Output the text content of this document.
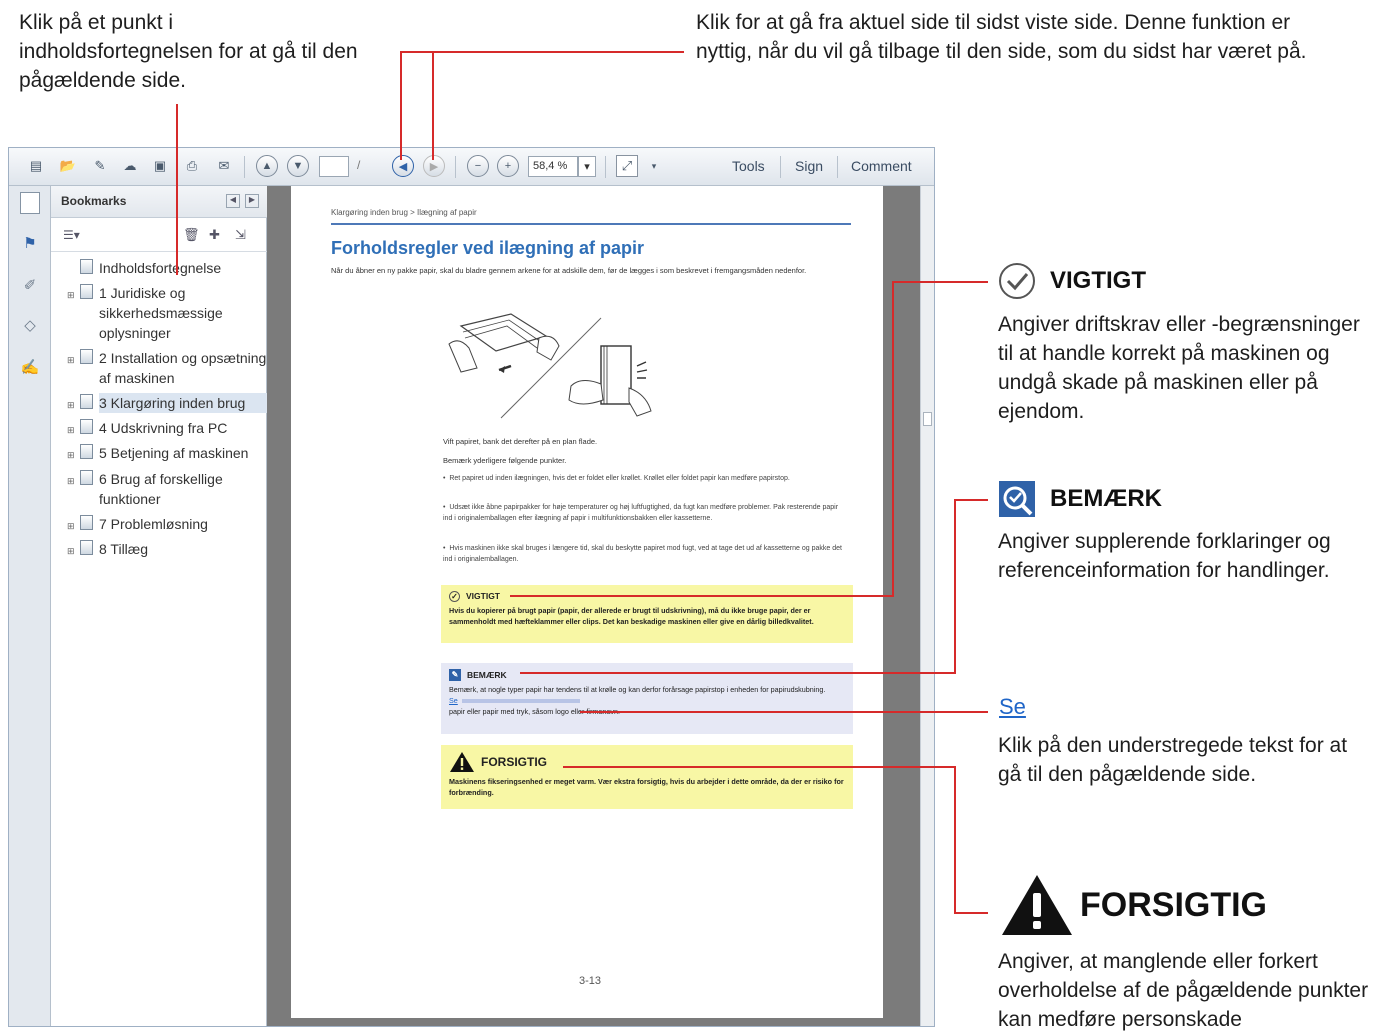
Klik på et punkt i indholdsfortegnelsen for at gå til den pågældende side.
Klik for at gå fra aktuel side til sidst viste side. Denne funktion er nyttig, når du vil gå tilbage til den side, som du sidst har været på.
▤	📂	✎	☁	▣	⎙	✉	▲	▼	/	◀	▶	−	+	58,4 %	▾	⤢	▾	Tools Sign Comment
⚑
✐
◇
✍
Bookmarks	◀	▶
☰▾	🗑 ✚ ⇲
Indholdsfortegnelse
⊞ 1 Juridiske og sikkerhedsmæssige oplysninger
⊞ 2 Installation og opsætning af maskinen
⊞ 3 Klargøring inden brug
⊞ 4 Udskrivning fra PC
⊞ 5 Betjening af maskinen
⊞ 6 Brug af forskellige funktioner
⊞ 7 Problemløsning
⊞ 8 Tillæg
Klargøring inden brug > Ilægning af papir
Forholdsregler ved ilægning af papir
Når du åbner en ny pakke papir, skal du bladre gennem arkene for at adskille dem, før de lægges i som beskrevet i fremgangsmåden nedenfor.
Vift papiret, bank det derefter på en plan flade.
Bemærk yderligere følgende punkter.
•  Ret papiret ud inden ilægningen, hvis det er foldet eller krøllet. Krøllet eller foldet papir kan medføre papirstop.
•  Udsæt ikke åbne papirpakker for høje temperaturer og høj luftfugtighed, da fugt kan medføre problemer. Pak resterende papir ind i originalemballagen efter ilægning af papir i multifunktionsbakken eller kassetterne.
•  Hvis maskinen ikke skal bruges i længere tid, skal du beskytte papiret mod fugt, ved at tage det ud af kassetterne og pakke det ind i originalemballagen.
✓ VIGTIGT
Hvis du kopierer på brugt papir (papir, der allerede er brugt til udskrivning), må du ikke bruge papir, der er sammenholdt med hæfteklammer eller clips. Det kan beskadige maskinen eller give en dårlig billedkvalitet.
✎	BEMÆRK
Bemærk, at nogle typer papir har tendens til at krølle og kan derfor forårsage papirstop i enheden for papirudskubning.
Se
papir eller papir med tryk, såsom logo eller firmanavn.
FORSIGTIG
Maskinens fikseringsenhed er meget varm. Vær ekstra forsigtig, hvis du arbejder i dette område, da der er risiko for forbrænding.
3-13
VIGTIGT
Angiver driftskrav eller -begrænsninger til at handle korrekt på maskinen og undgå skade på maskinen eller på ejendom.
BEMÆRK
Angiver supplerende forklaringer og referenceinformation for handlinger.
Se
Klik på den understregede tekst for at gå til den pågældende side.
FORSIGTIG
Angiver, at manglende eller forkert overholdelse af de pågældende punkter kan medføre personskade
